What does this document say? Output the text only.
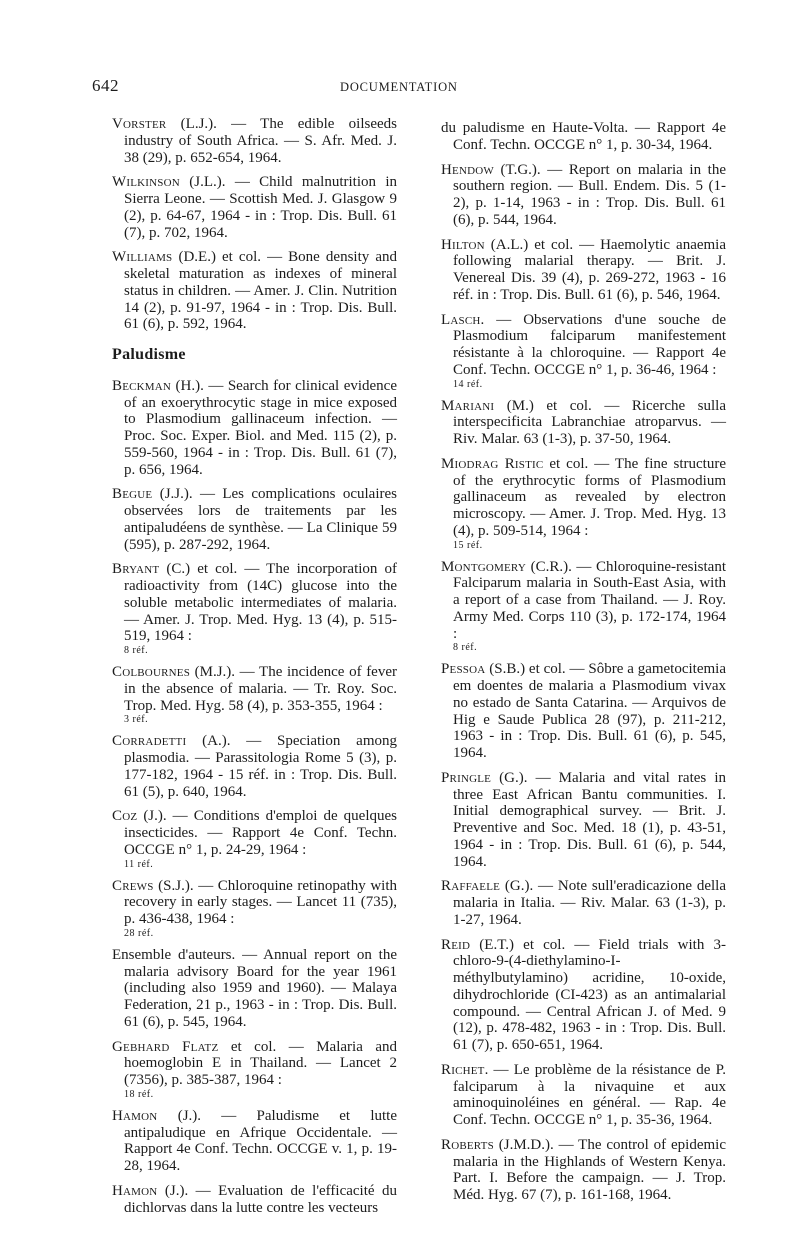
642	DOCUMENTATION

Vorster (L.J.). — The edible oilseeds industry of South Africa. — S. Afr. Med. J. 38 (29), p. 652-654, 1964.

Wilkinson (J.L.). — Child malnutrition in Sierra Leone. — Scottish Med. J. Glasgow 9 (2), p. 64-67, 1964 - in : Trop. Dis. Bull. 61 (7), p. 702, 1964.

Williams (D.E.) et col. — Bone density and skeletal maturation as indexes of mineral status in children. — Amer. J. Clin. Nutrition 14 (2), p. 91-97, 1964 - in : Trop. Dis. Bull. 61 (6), p. 592, 1964.

Paludisme

Beckman (H.). — Search for clinical evidence of an exoerythrocytic stage in mice exposed to Plasmodium gallinaceum infection. — Proc. Soc. Exper. Biol. and Med. 115 (2), p. 559-560, 1964 - in : Trop. Dis. Bull. 61 (7), p. 656, 1964.

Begue (J.J.). — Les complications oculaires observées lors de traitements par les antipaludéens de synthèse. — La Clinique 59 (595), p. 287-292, 1964.

Bryant (C.) et col. — The incorporation of radioactivity from (14C) glucose into the soluble metabolic intermediates of malaria. — Amer. J. Trop. Med. Hyg. 13 (4), p. 515-519, 1964 :
8 réf.

Colbournes (M.J.). — The incidence of fever in the absence of malaria. — Tr. Roy. Soc. Trop. Med. Hyg. 58 (4), p. 353-355, 1964 :
3 réf.

Corradetti (A.). — Speciation among plasmodia. — Parassitologia Rome 5 (3), p. 177-182, 1964 - 15 réf. in : Trop. Dis. Bull. 61 (5), p. 640, 1964.

Coz (J.). — Conditions d'emploi de quelques insecticides. — Rapport 4e Conf. Techn. OCCGE n° 1, p. 24-29, 1964 :
11 réf.

Crews (S.J.). — Chloroquine retinopathy with recovery in early stages. — Lancet 11 (735), p. 436-438, 1964 :
28 réf.

Ensemble d'auteurs. — Annual report on the malaria advisory Board for the year 1961 (including also 1959 and 1960). — Malaya Federation, 21 p., 1963 - in : Trop. Dis. Bull. 61 (6), p. 545, 1964.

Gebhard Flatz et col. — Malaria and hoemoglobin E in Thailand. — Lancet 2 (7356), p. 385-387, 1964 :
18 réf.

Hamon (J.). — Paludisme et lutte antipaludique en Afrique Occidentale. — Rapport 4e Conf. Techn. OCCGE v. 1, p. 19-28, 1964.

Hamon (J.). — Evaluation de l'efficacité du dichlorvas dans la lutte contre les vecteurs

du paludisme en Haute-Volta. — Rapport 4e Conf. Techn. OCCGE n° 1, p. 30-34, 1964.

Hendow (T.G.). — Report on malaria in the southern region. — Bull. Endem. Dis. 5 (1-2), p. 1-14, 1963 - in : Trop. Dis. Bull. 61 (6), p. 544, 1964.

Hilton (A.L.) et col. — Haemolytic anaemia following malarial therapy. — Brit. J. Venereal Dis. 39 (4), p. 269-272, 1963 - 16 réf. in : Trop. Dis. Bull. 61 (6), p. 546, 1964.

Lasch. — Observations d'une souche de Plasmodium falciparum manifestement résistante à la chloroquine. — Rapport 4e Conf. Techn. OCCGE n° 1, p. 36-46, 1964 :
14 réf.

Mariani (M.) et col. — Ricerche sulla interspecificita Labranchiae atroparvus. — Riv. Malar. 63 (1-3), p. 37-50, 1964.

Miodrag Ristic et col. — The fine structure of the erythrocytic forms of Plasmodium gallinaceum as revealed by electron microscopy. — Amer. J. Trop. Med. Hyg. 13 (4), p. 509-514, 1964 :
15 réf.

Montgomery (C.R.). — Chloroquine-resistant Falciparum malaria in South-East Asia, with a report of a case from Thailand. — J. Roy. Army Med. Corps 110 (3), p. 172-174, 1964 :
8 réf.

Pessoa (S.B.) et col. — Sôbre a gametocitemia em doentes de malaria a Plasmodium vivax no estado de Santa Catarina. — Arquivos de Hig e Saude Publica 28 (97), p. 211-212, 1963 - in : Trop. Dis. Bull. 61 (6), p. 545, 1964.

Pringle (G.). — Malaria and vital rates in three East African Bantu communities. I. Initial demographical survey. — Brit. J. Preventive and Soc. Med. 18 (1), p. 43-51, 1964 - in : Trop. Dis. Bull. 61 (6), p. 544, 1964.

Raffaele (G.). — Note sull'eradicazione della malaria in Italia. — Riv. Malar. 63 (1-3), p. 1-27, 1964.

Reid (E.T.) et col. — Field trials with 3-chloro-9-(4-diethylamino-I-méthylbutylamino) acridine, 10-oxide, dihydrochloride (CI-423) as an antimalarial compound. — Central African J. of Med. 9 (12), p. 478-482, 1963 - in : Trop. Dis. Bull. 61 (7), p. 650-651, 1964.

Richet. — Le problème de la résistance de P. falciparum à la nivaquine et aux aminoquinoléines en général. — Rap. 4e Conf. Techn. OCCGE n° 1, p. 35-36, 1964.

Roberts (J.M.D.). — The control of epidemic malaria in the Highlands of Western Kenya. Part. I. Before the campaign. — J. Trop. Méd. Hyg. 67 (7), p. 161-168, 1964.
